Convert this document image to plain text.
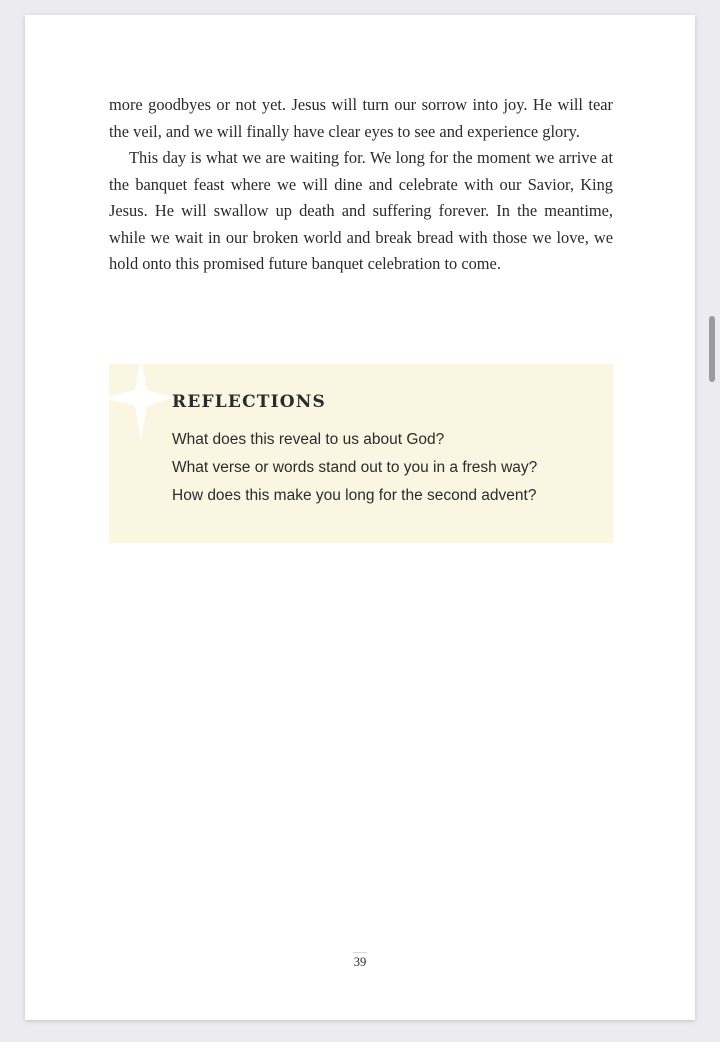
more goodbyes or not yet. Jesus will turn our sorrow into joy. He will tear the veil, and we will finally have clear eyes to see and experience glory.

This day is what we are waiting for. We long for the moment we arrive at the banquet feast where we will dine and celebrate with our Savior, King Jesus. He will swallow up death and suffering forever. In the meantime, while we wait in our broken world and break bread with those we love, we hold onto this promised future banquet celebration to come.

REFLECTIONS
What does this reveal to us about God?
What verse or words stand out to you in a fresh way?
How does this make you long for the second advent?
39
